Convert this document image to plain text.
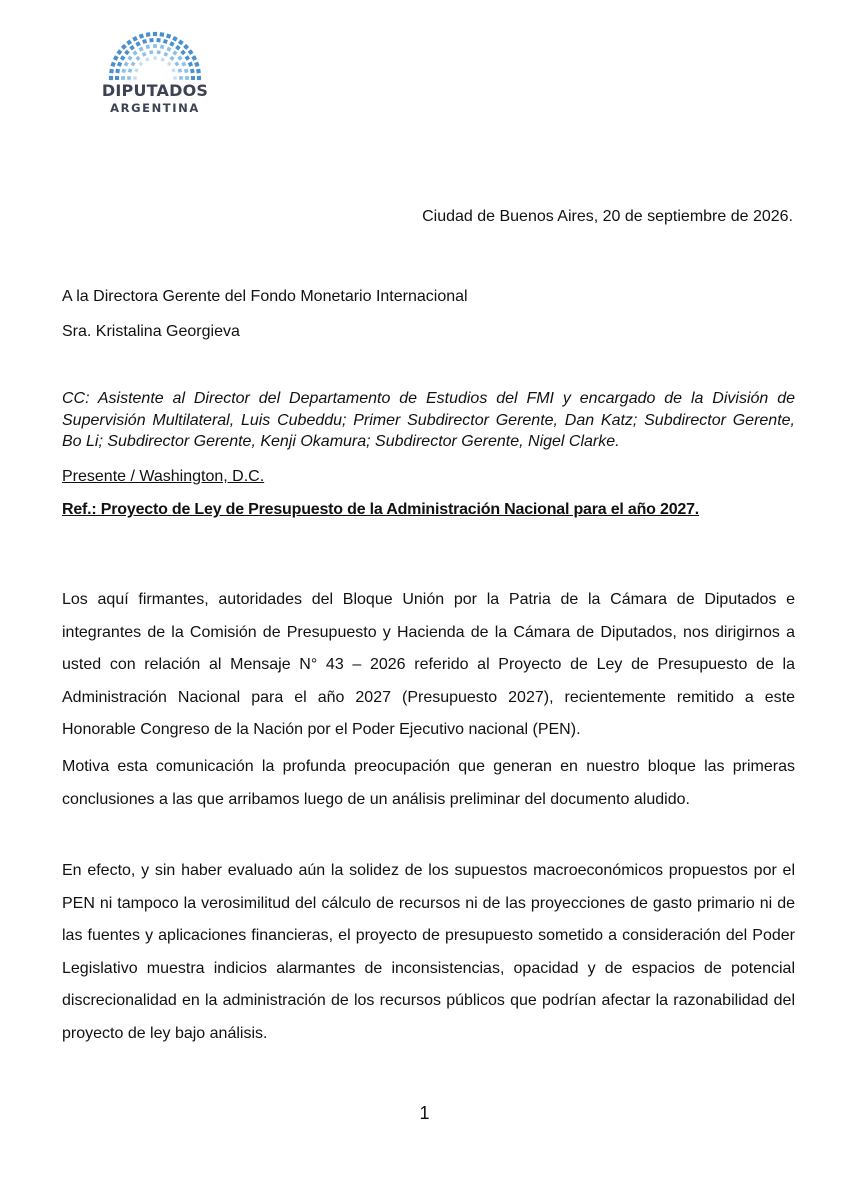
DIPUTADOS
ARGENTINA
Ciudad de Buenos Aires, 20 de septiembre de 2026.
A la Directora Gerente del Fondo Monetario Internacional
Sra. Kristalina Georgieva
CC: Asistente al Director del Departamento de Estudios del FMI y encargado de la División de Supervisión Multilateral, Luis Cubeddu; Primer Subdirector Gerente, Dan Katz; Subdirector Gerente, Bo Li; Subdirector Gerente, Kenji Okamura; Subdirector Gerente, Nigel Clarke.
Presente / Washington, D.C.
Ref.: Proyecto de Ley de Presupuesto de la Administración Nacional para el año 2027.
Los aquí firmantes, autoridades del Bloque Unión por la Patria de la Cámara de Diputados e integrantes de la Comisión de Presupuesto y Hacienda de la Cámara de Diputados, nos dirigirnos a usted con relación al Mensaje N° 43 – 2026 referido al Proyecto de Ley de Presupuesto de la Administración Nacional para el año 2027 (Presupuesto 2027), recientemente remitido a este Honorable Congreso de la Nación por el Poder Ejecutivo nacional (PEN).
Motiva esta comunicación la profunda preocupación que generan en nuestro bloque las primeras conclusiones a las que arribamos luego de un análisis preliminar del documento aludido.
En efecto, y sin haber evaluado aún la solidez de los supuestos macroeconómicos propuestos por el PEN ni tampoco la verosimilitud del cálculo de recursos ni de las proyecciones de gasto primario ni de las fuentes y aplicaciones financieras, el proyecto de presupuesto sometido a consideración del Poder Legislativo muestra indicios alarmantes de inconsistencias, opacidad y de espacios de potencial discrecionalidad en la administración de los recursos públicos que podrían afectar la razonabilidad del proyecto de ley bajo análisis.
1
